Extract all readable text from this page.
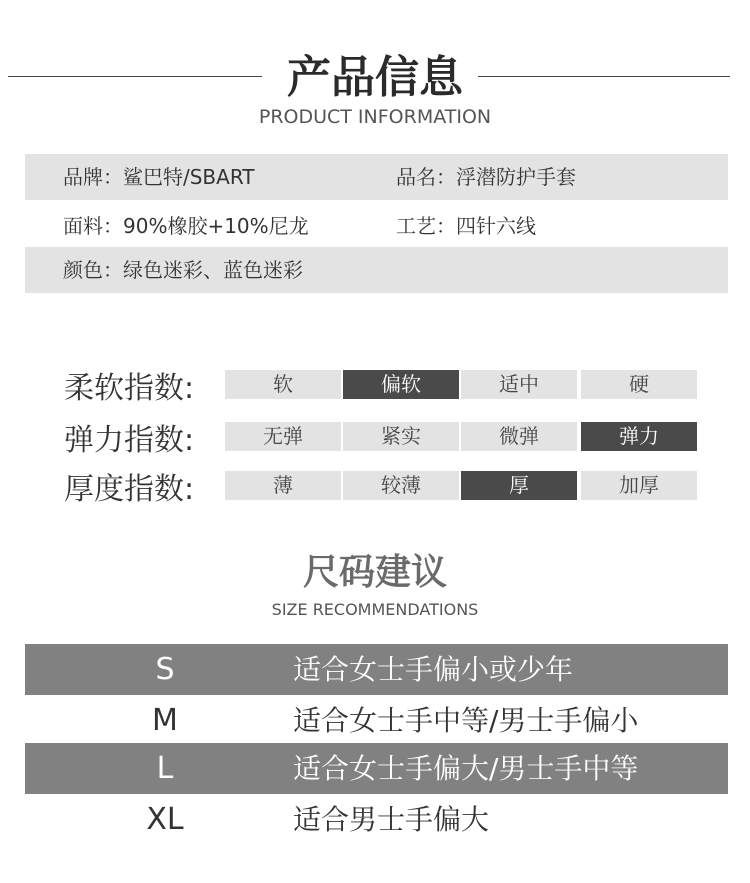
产品信息
PRODUCT INFORMATION
品牌：鲨巴特/SBART	品名：浮潜防护手套
面料：90%橡胶+10%尼龙	工艺：四针六线
颜色：绿色迷彩、蓝色迷彩
柔软指数:	软	偏软	适中	硬
弹力指数:	无弹	紧实	微弹	弹力
厚度指数:	薄	较薄	厚	加厚
尺码建议
SIZE RECOMMENDATIONS
S	适合女士手偏小或少年
M	适合女士手中等/男士手偏小
L	适合女士手偏大/男士手中等
XL	适合男士手偏大
